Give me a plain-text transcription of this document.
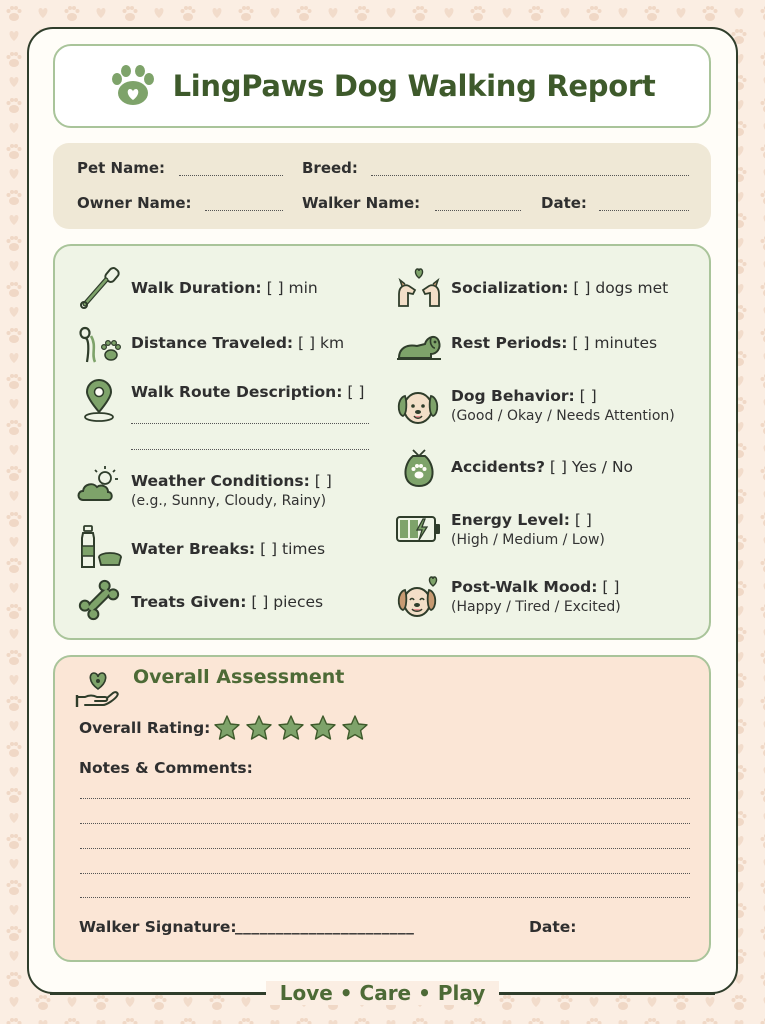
LingPaws Dog Walking Report
Pet Name:	Breed:
Owner Name:	Walker Name:	Date:
Walk Duration: [ ] min
Distance Traveled: [ ] km
Walk Route Description: [ ]
Weather Conditions: [ ]
(e.g., Sunny, Cloudy, Rainy)
Water Breaks: [ ] times
Treats Given: [ ] pieces
Socialization: [ ] dogs met
Rest Periods: [ ] minutes
Dog Behavior: [ ]
(Good / Okay / Needs Attention)
Accidents? [ ] Yes / No
Energy Level: [ ]
(High / Medium / Low)
Post-Walk Mood: [ ]
(Happy / Tired / Excited)
Overall Assessment
Overall Rating:
Notes & Comments:
Walker Signature:
______________________	Date:
Love • Care • Play
